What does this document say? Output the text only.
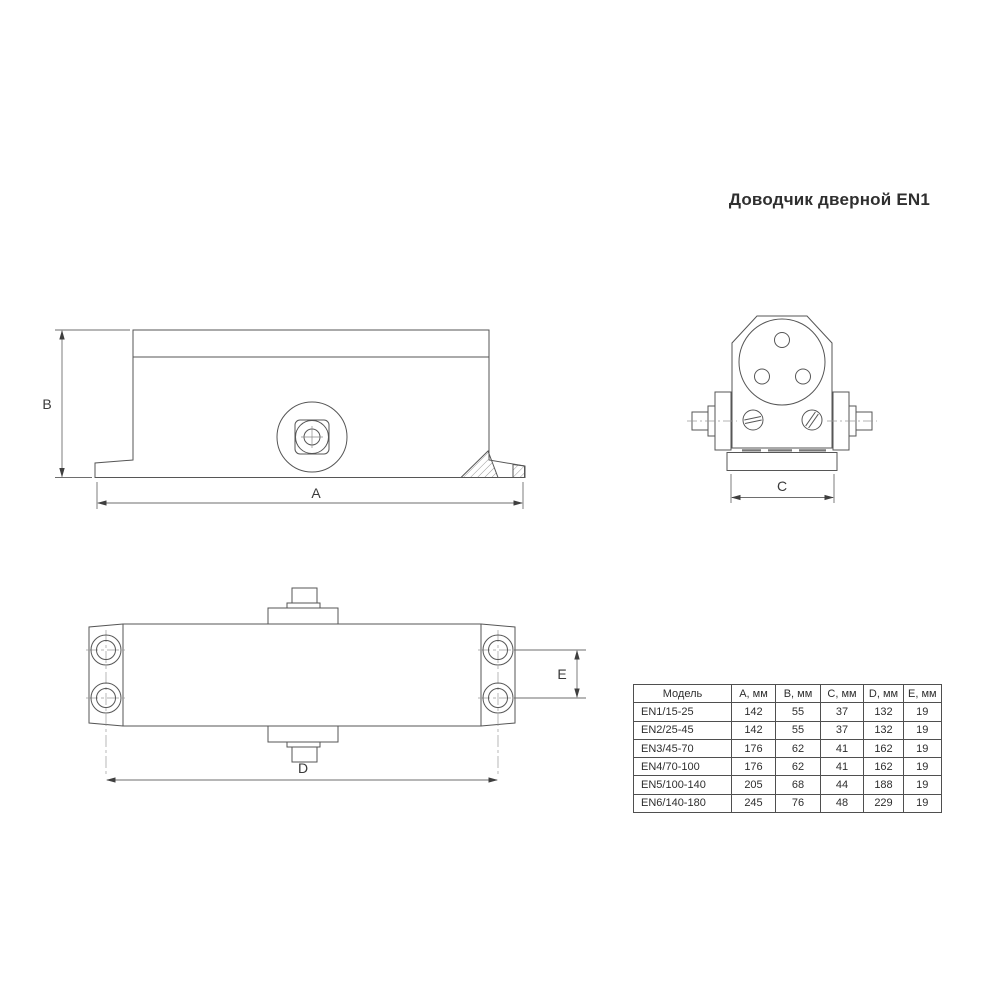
Доводчик дверной EN1
B
A	C
D
E
Модель	A, мм	B, мм	C, мм	D, мм	E, мм
EN1/15-25	142	55	37	132	19
EN2/25-45	142	55	37	132	19
EN3/45-70	176	62	41	162	19
EN4/70-100	176	62	41	162	19
EN5/100-140	205	68	44	188	19
EN6/140-180	245	76	48	229	19
